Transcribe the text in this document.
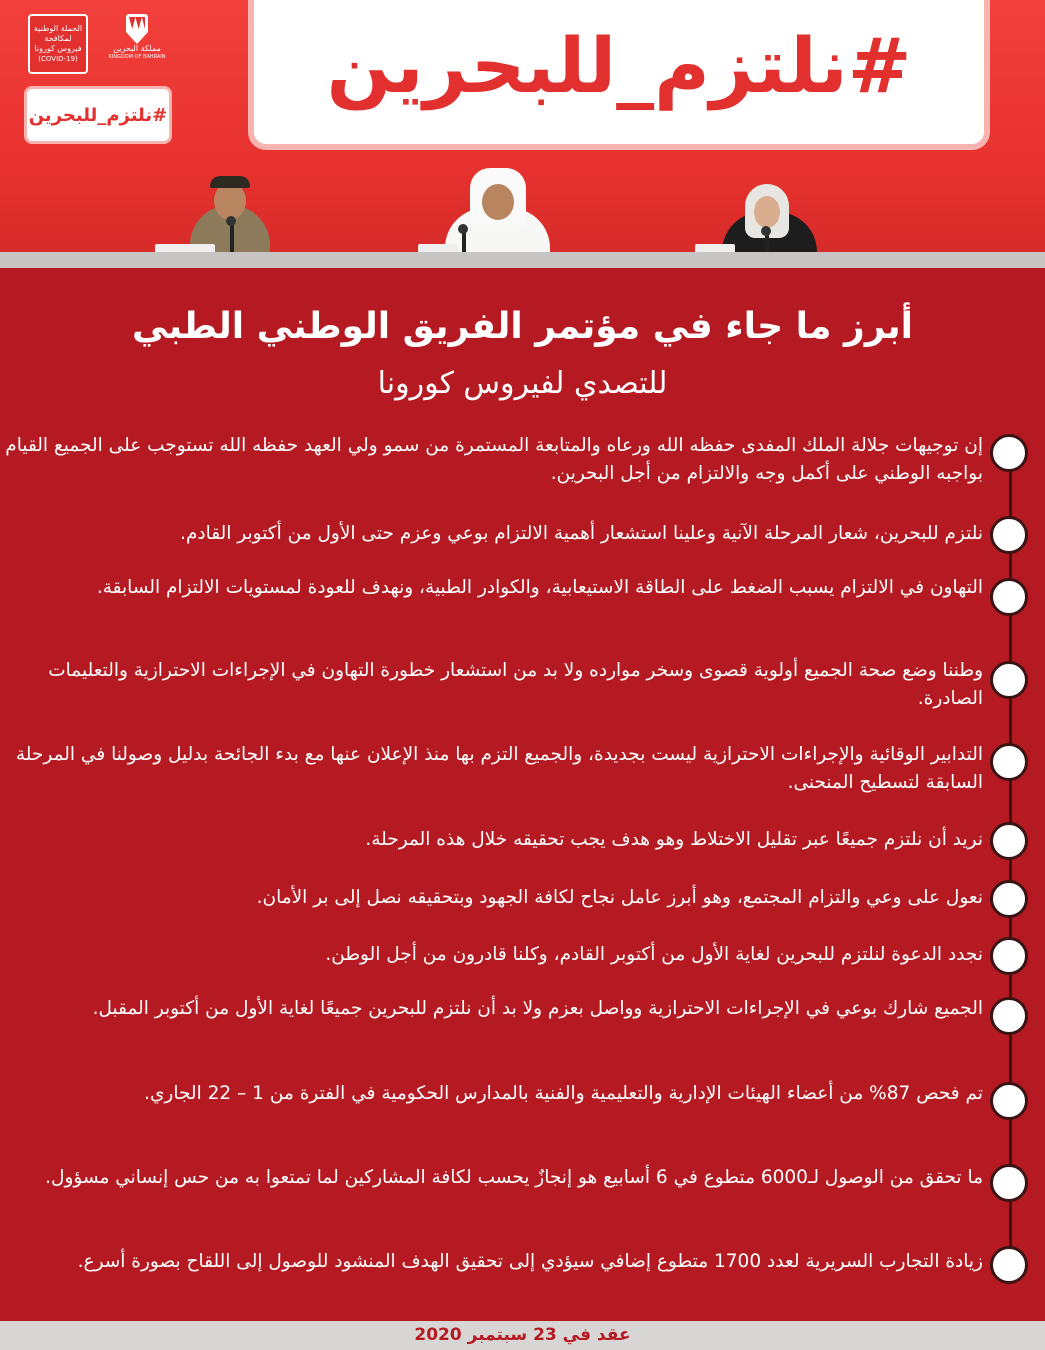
#نلتزم_للبحرين
الحملة الوطنية
لمكافحة
فيروس كورونا
(COVID-19)
مملكة البحرين
KINGDOM OF BAHRAIN
#نلتزم_للبحرين
أبرز ما جاء في مؤتمر الفريق الوطني الطبي
للتصدي لفيروس كورونا
إن توجيهات جلالة الملك المفدى حفظه الله ورعاه والمتابعة المستمرة من سمو ولي العهد حفظه الله تستوجب على الجميع القيام بواجبه الوطني على أكمل وجه والالتزام من أجل البحرين.
نلتزم للبحرين، شعار المرحلة الآنية وعلينا استشعار أهمية الالتزام بوعي وعزم حتى الأول من أكتوبر القادم.
التهاون في الالتزام يسبب الضغط على الطاقة الاستيعابية، والكوادر الطبية، ونهدف للعودة لمستويات الالتزام السابقة.
وطننا وضع صحة الجميع أولوية قصوى وسخر موارده ولا بد من استشعار خطورة التهاون في الإجراءات الاحترازية والتعليمات الصادرة.
التدابير الوقائية والإجراءات الاحترازية ليست بجديدة، والجميع التزم بها منذ الإعلان عنها مع بدء الجائحة بدليل وصولنا في المرحلة السابقة لتسطيح المنحنى.
نريد أن نلتزم جميعًا عبر تقليل الاختلاط وهو هدف يجب تحقيقه خلال هذه المرحلة.
نعول على وعي والتزام المجتمع، وهو أبرز عامل نجاح لكافة الجهود وبتحقيقه نصل إلى بر الأمان.
نجدد الدعوة لنلتزم للبحرين لغاية الأول من أكتوبر القادم، وكلنا قادرون من أجل الوطن.
الجميع شارك بوعي في الإجراءات الاحترازية وواصل بعزم ولا بد أن نلتزم للبحرين جميعًا لغاية الأول من أكتوبر المقبل.
تم فحص 87% من أعضاء الهيئات الإدارية والتعليمية والفنية بالمدارس الحكومية في الفترة من 1 – 22 الجاري.
ما تحقق من الوصول لـ6000 متطوع في 6 أسابيع هو إنجازٌ يحسب لكافة المشاركين لما تمتعوا به من حس إنساني مسؤول.
زيادة التجارب السريرية لعدد 1700 متطوع إضافي سيؤدي إلى تحقيق الهدف المنشود للوصول إلى اللقاح بصورة أسرع.
عقد في 23 سبتمبر 2020
